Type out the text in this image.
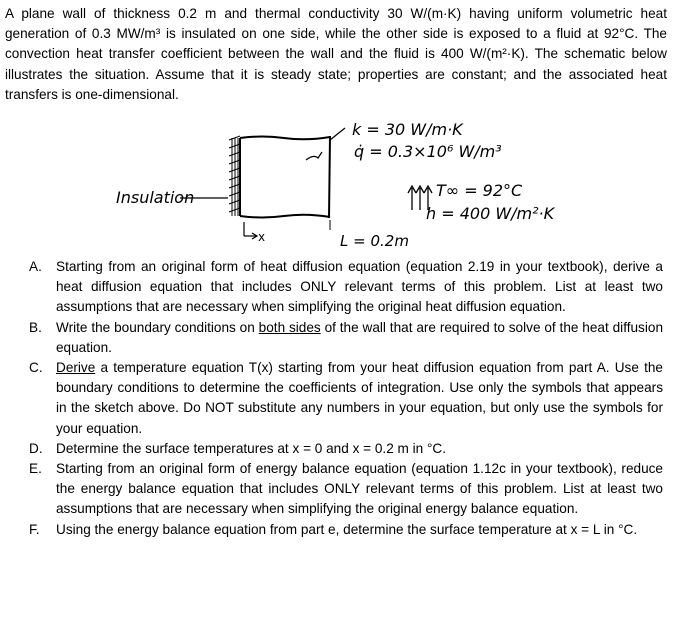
A plane wall of thickness 0.2 m and thermal conductivity 30 W/(m·K) having uniform volumetric heat generation of 0.3 MW/m³ is insulated on one side, while the other side is exposed to a fluid at 92°C. The convection heat transfer coefficient between the wall and the fluid is 400 W/(m²·K). The schematic below illustrates the situation. Assume that it is steady state; properties are constant; and the associated heat transfers is one-dimensional.
k = 30 W/m·K
q̇ = 0.3×10⁶ W/m³
Insulation	T∞ = 92°C
h = 400 W/m²·K
L = 0.2m
x
A. Starting from an original form of heat diffusion equation (equation 2.19 in your textbook), derive a heat diffusion equation that includes ONLY relevant terms of this problem. List at least two assumptions that are necessary when simplifying the original heat diffusion equation.
B. Write the boundary conditions on both sides of the wall that are required to solve of the heat diffusion equation.
C. Derive a temperature equation T(x) starting from your heat diffusion equation from part A. Use the boundary conditions to determine the coefficients of integration. Use only the symbols that appears in the sketch above. Do NOT substitute any numbers in your equation, but only use the symbols for your equation.
D. Determine the surface temperatures at x = 0 and x = 0.2 m in °C.
E. Starting from an original form of energy balance equation (equation 1.12c in your textbook), reduce the energy balance equation that includes ONLY relevant terms of this problem. List at least two assumptions that are necessary when simplifying the original energy balance equation.
F. Using the energy balance equation from part e, determine the surface temperature at x = L in °C.
